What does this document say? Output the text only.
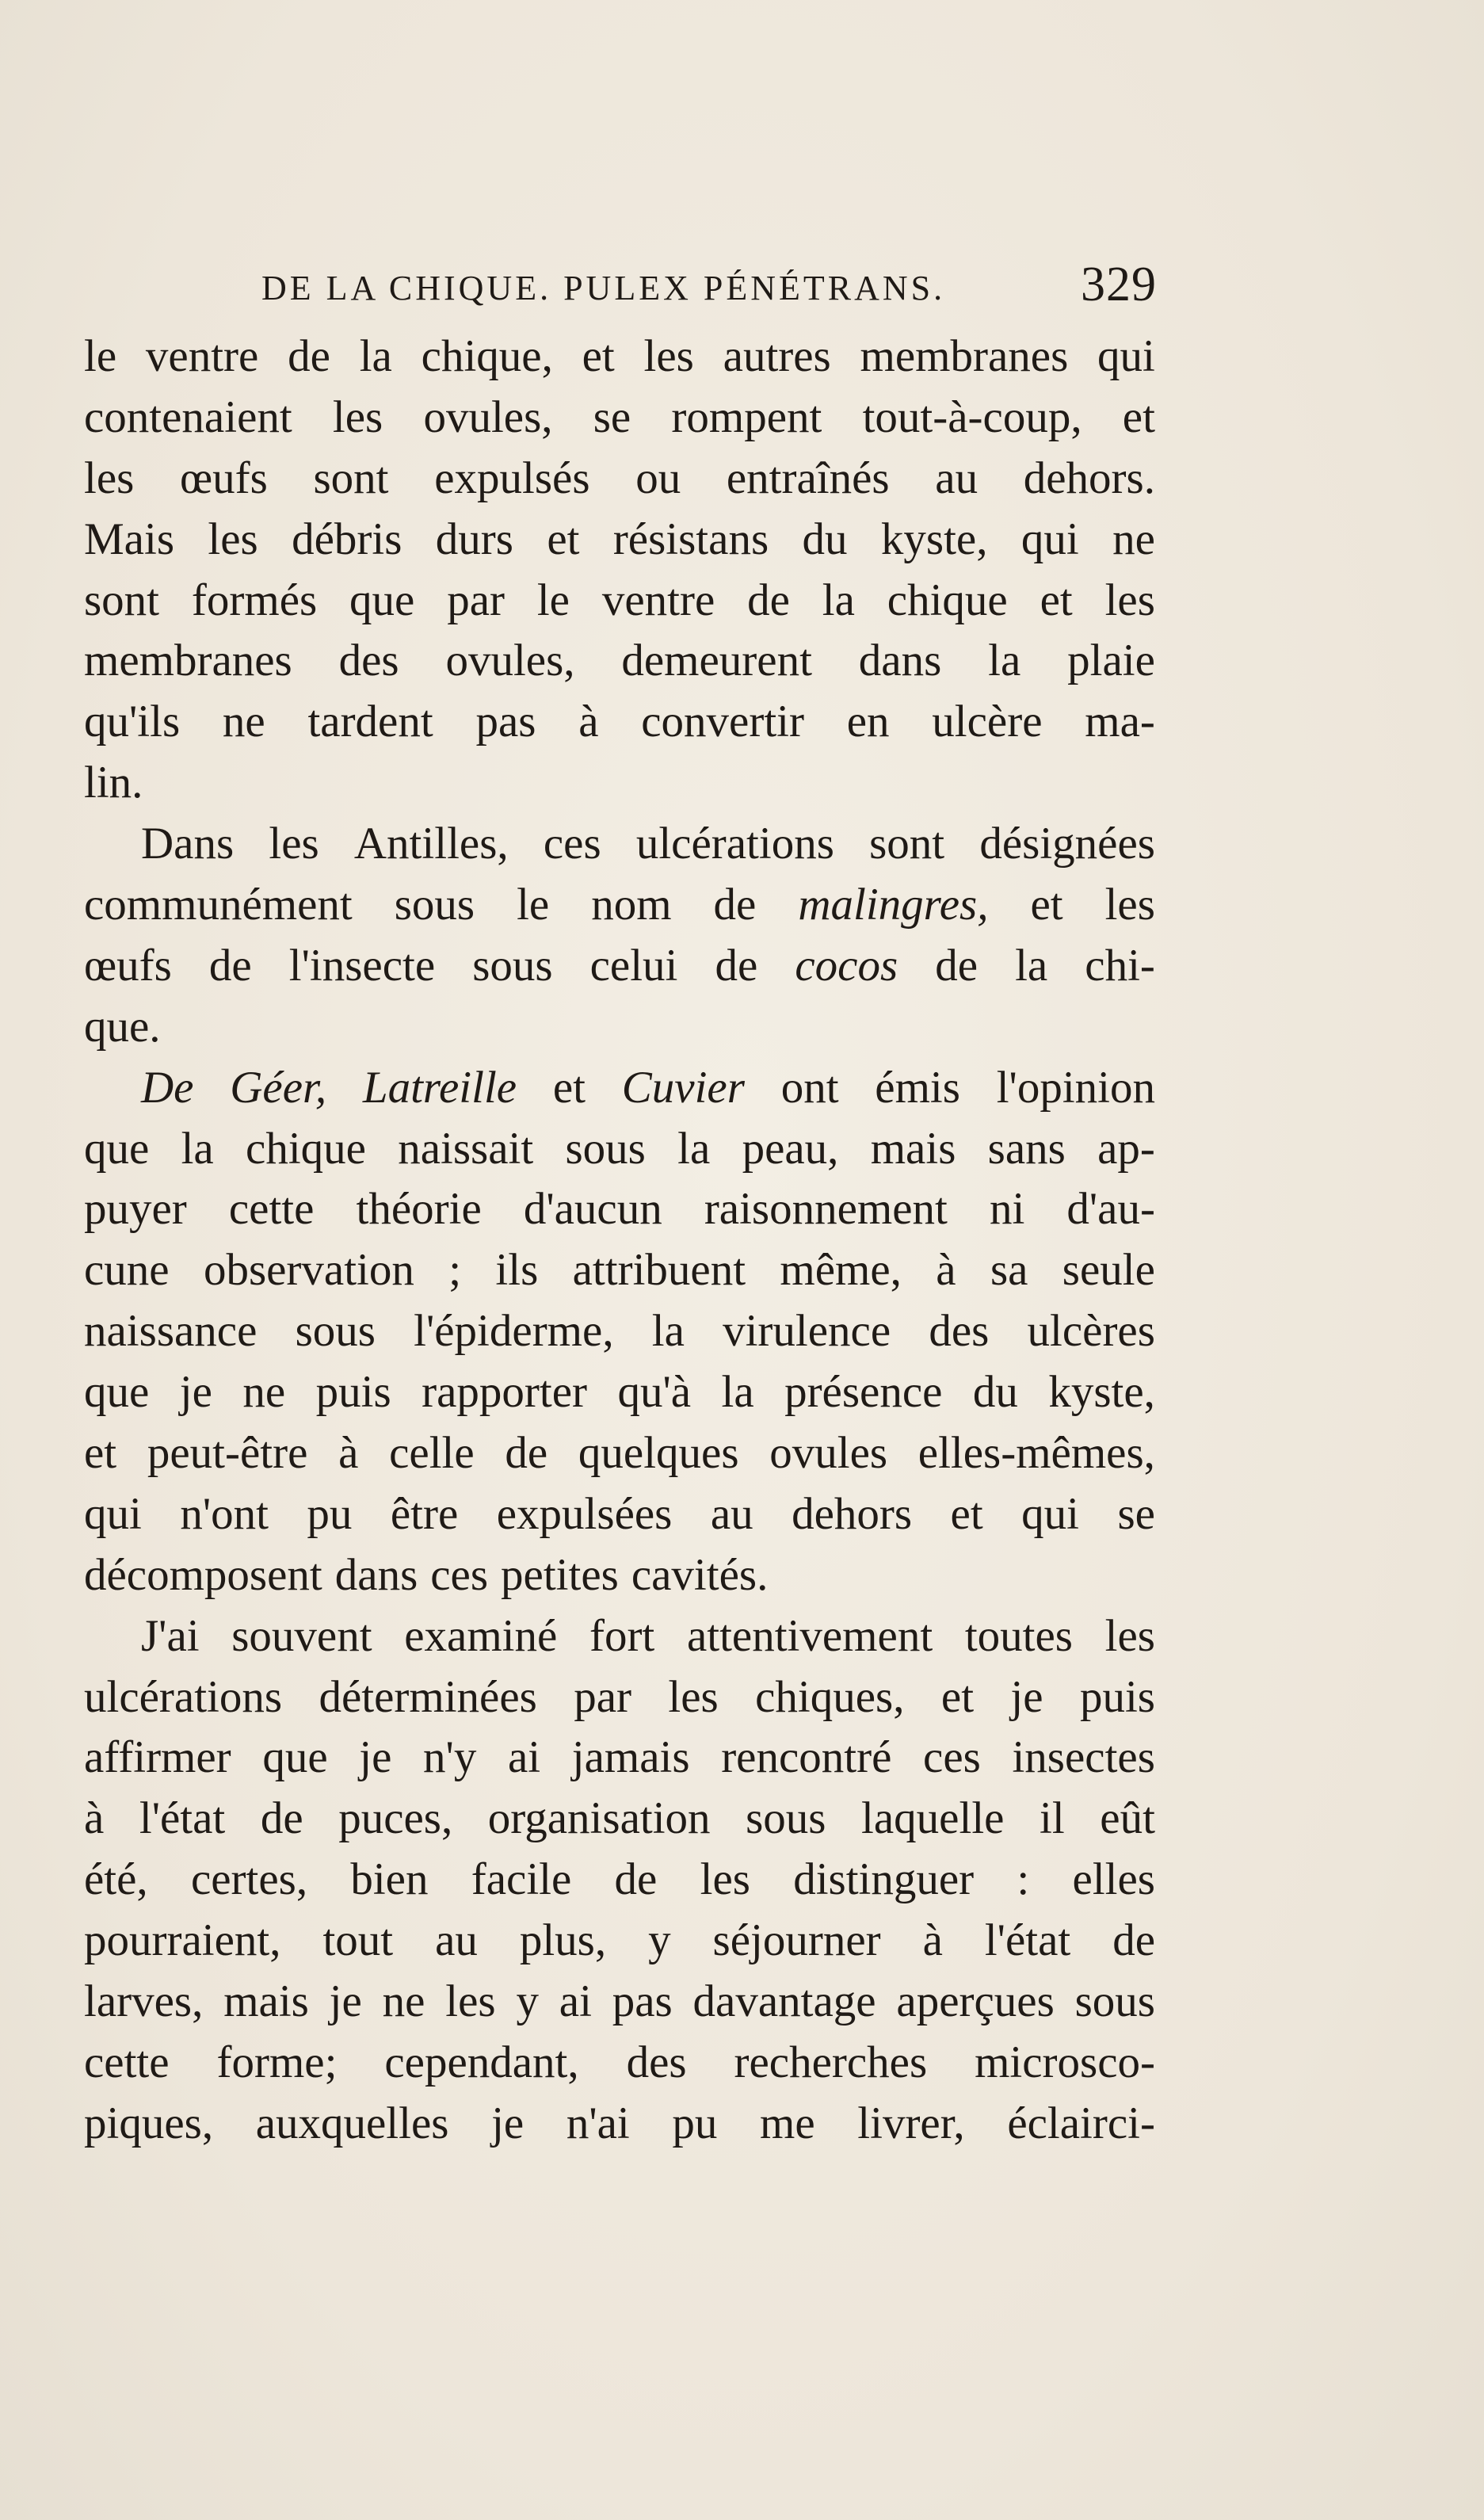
DE LA CHIQUE. PULEX PÉNÉTRANS.	329
le ventre de la chique, et les autres membranes qui
contenaient les ovules, se rompent tout-à-coup, et
les œufs sont expulsés ou entraînés au dehors.
Mais les débris durs et résistans du kyste, qui ne
sont formés que par le ventre de la chique et les
membranes des ovules, demeurent dans la plaie
qu'ils ne tardent pas à convertir en ulcère ma-
lin.
Dans les Antilles, ces ulcérations sont désignées
communément sous le nom de malingres, et les
œufs de l'insecte sous celui de cocos de la chi-
que.
De Géer, Latreille et Cuvier ont émis l'opinion
que la chique naissait sous la peau, mais sans ap-
puyer cette théorie d'aucun raisonnement ni d'au-
cune observation ; ils attribuent même, à sa seule
naissance sous l'épiderme, la virulence des ulcères
que je ne puis rapporter qu'à la présence du kyste,
et peut-être à celle de quelques ovules elles-mêmes,
qui n'ont pu être expulsées au dehors et qui se
décomposent dans ces petites cavités.
J'ai souvent examiné fort attentivement toutes les
ulcérations déterminées par les chiques, et je puis
affirmer que je n'y ai jamais rencontré ces insectes
à l'état de puces, organisation sous laquelle il eût
été, certes, bien facile de les distinguer : elles
pourraient, tout au plus, y séjourner à l'état de
larves, mais je ne les y ai pas davantage aperçues sous
cette forme; cependant, des recherches microsco-
piques, auxquelles je n'ai pu me livrer, éclairci-
